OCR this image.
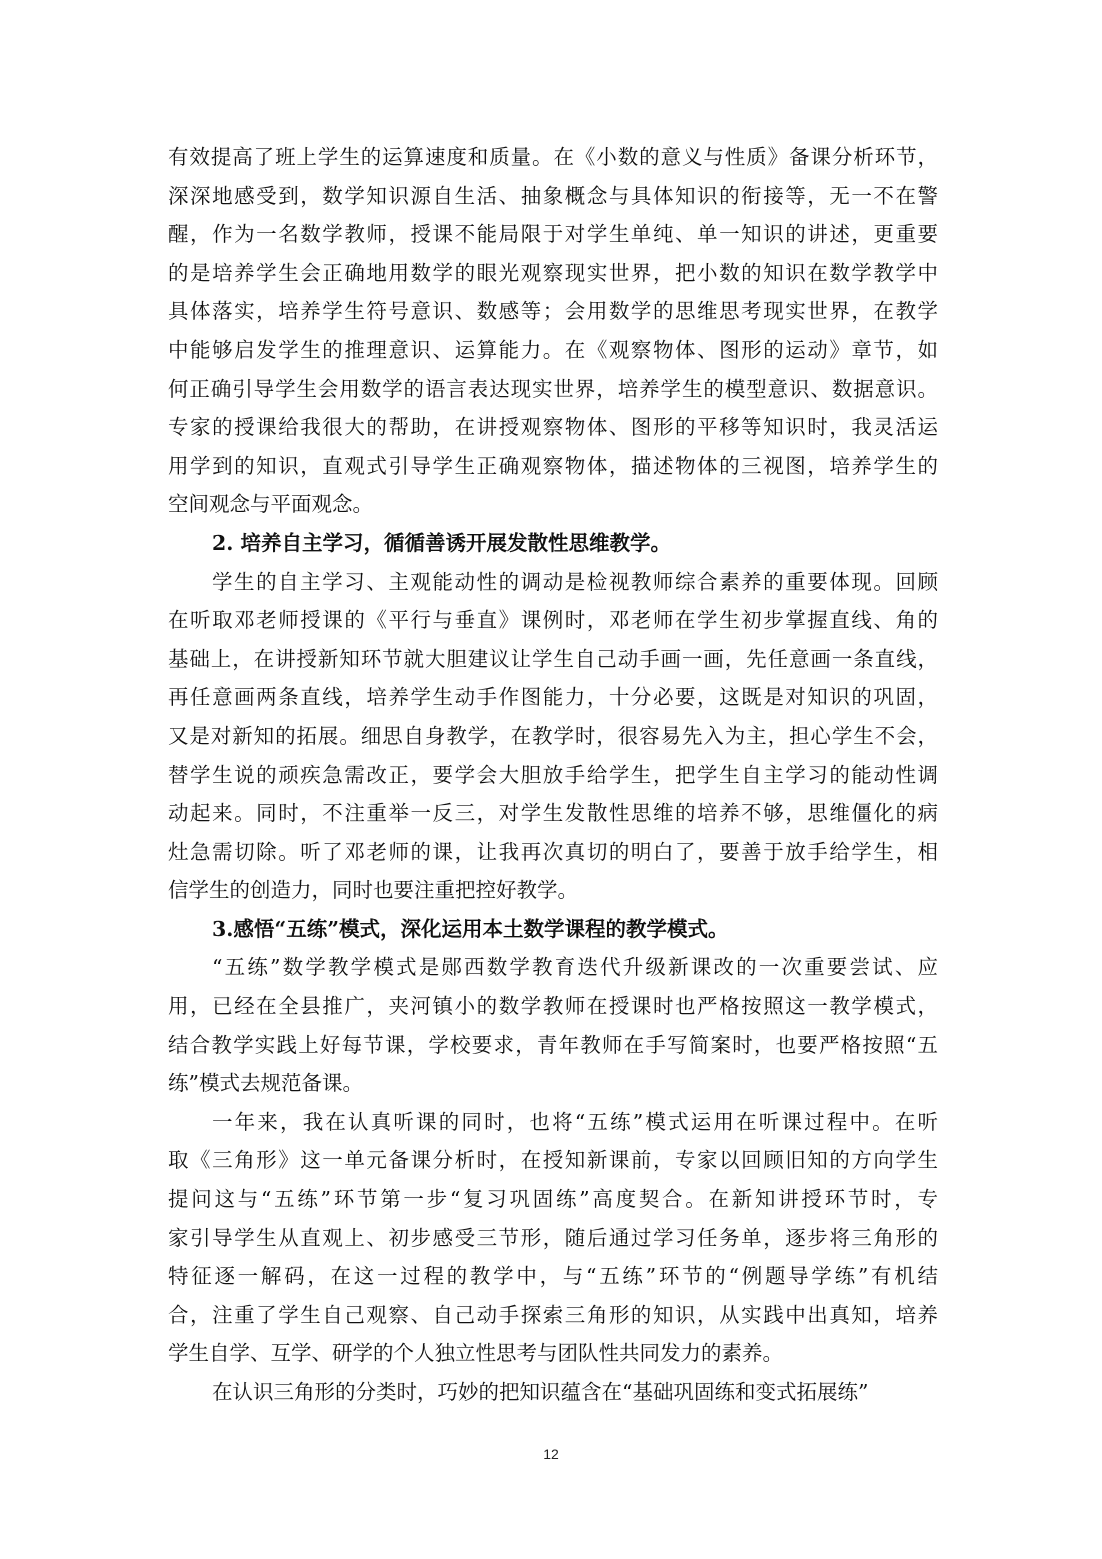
有效提高了班上学生的运算速度和质量。在《小数的意义与性质》备课分析环节，
深深地感受到，数学知识源自生活、抽象概念与具体知识的衔接等，无一不在警
醒，作为一名数学教师，授课不能局限于对学生单纯、单一知识的讲述，更重要
的是培养学生会正确地用数学的眼光观察现实世界，把小数的知识在数学教学中
具体落实，培养学生符号意识、数感等；会用数学的思维思考现实世界，在教学
中能够启发学生的推理意识、运算能力。在《观察物体、图形的运动》章节，如
何正确引导学生会用数学的语言表达现实世界，培养学生的模型意识、数据意识。
专家的授课给我很大的帮助，在讲授观察物体、图形的平移等知识时，我灵活运
用学到的知识，直观式引导学生正确观察物体，描述物体的三视图，培养学生的
空间观念与平面观念。
2. 培养自主学习，循循善诱开展发散性思维教学。
学生的自主学习、主观能动性的调动是检视教师综合素养的重要体现。回顾
在听取邓老师授课的《平行与垂直》课例时，邓老师在学生初步掌握直线、角的
基础上，在讲授新知环节就大胆建议让学生自己动手画一画，先任意画一条直线，
再任意画两条直线，培养学生动手作图能力，十分必要，这既是对知识的巩固，
又是对新知的拓展。细思自身教学，在教学时，很容易先入为主，担心学生不会，
替学生说的顽疾急需改正，要学会大胆放手给学生，把学生自主学习的能动性调
动起来。同时，不注重举一反三，对学生发散性思维的培养不够，思维僵化的病
灶急需切除。听了邓老师的课，让我再次真切的明白了，要善于放手给学生，相
信学生的创造力，同时也要注重把控好教学。
3.感悟“五练”模式，深化运用本土数学课程的教学模式。
“五练”数学教学模式是郧西数学教育迭代升级新课改的一次重要尝试、应
用，已经在全县推广，夹河镇小的数学教师在授课时也严格按照这一教学模式，
结合教学实践上好每节课，学校要求，青年教师在手写简案时，也要严格按照“五
练”模式去规范备课。
一年来，我在认真听课的同时，也将“五练”模式运用在听课过程中。在听
取《三角形》这一单元备课分析时，在授知新课前，专家以回顾旧知的方向学生
提问这与“五练”环节第一步“复习巩固练”高度契合。在新知讲授环节时，专
家引导学生从直观上、初步感受三节形，随后通过学习任务单，逐步将三角形的
特征逐一解码，在这一过程的教学中，与“五练”环节的“例题导学练”有机结
合，注重了学生自己观察、自己动手探索三角形的知识，从实践中出真知，培养
学生自学、互学、研学的个人独立性思考与团队性共同发力的素养。
在认识三角形的分类时，巧妙的把知识蕴含在“基础巩固练和变式拓展练”
12
